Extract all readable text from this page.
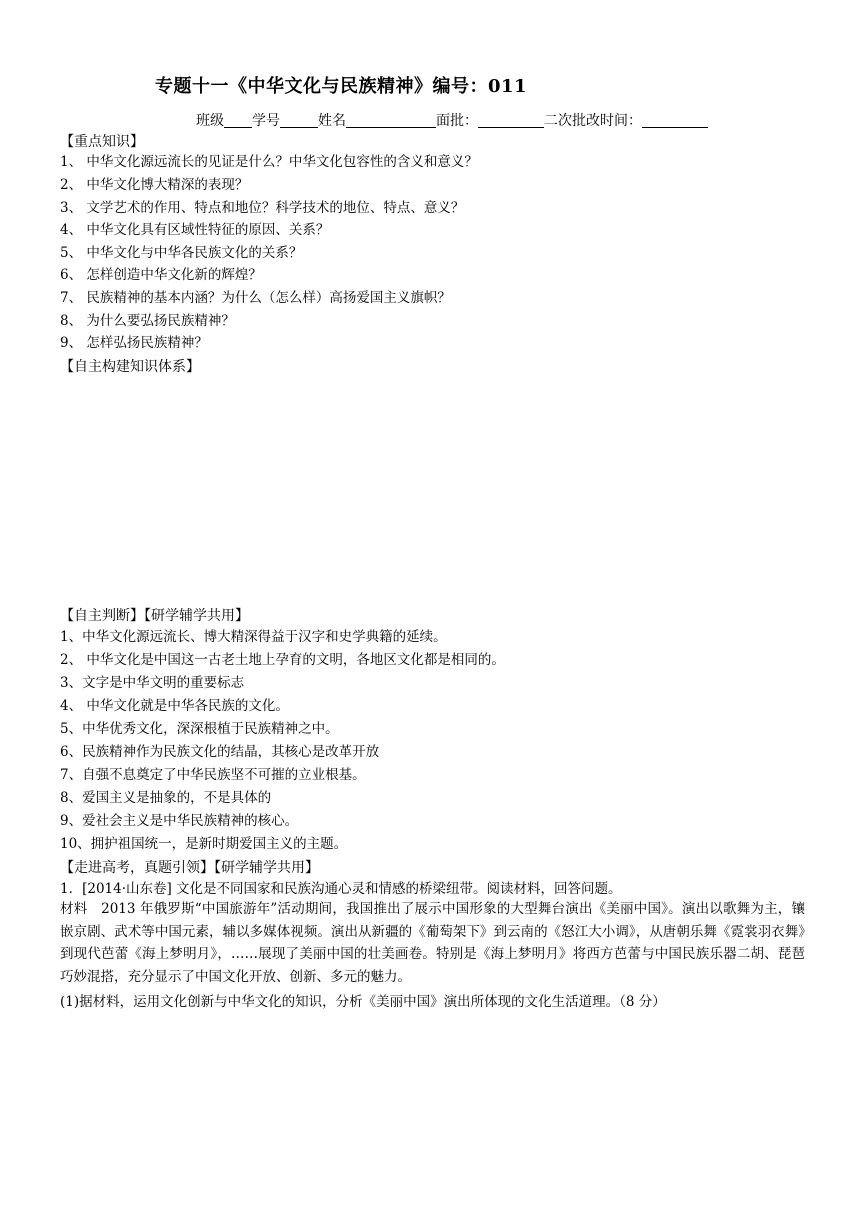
专题十一《中华文化与民族精神》编号：011
班级 学号	姓名	面批：	二次批改时间：
【重点知识】
1、 中华文化源远流长的见证是什么？中华文化包容性的含义和意义？
2、 中华文化博大精深的表现？
3、 文学艺术的作用、特点和地位？科学技术的地位、特点、意义？
4、 中华文化具有区域性特征的原因、关系？
5、 中华文化与中华各民族文化的关系？
6、 怎样创造中华文化新的辉煌？
7、 民族精神的基本内涵？为什么（怎么样）高扬爱国主义旗帜？
8、 为什么要弘扬民族精神？
9、 怎样弘扬民族精神？
【自主构建知识体系】
【自主判断】【研学辅学共用】
1、中华文化源远流长、博大精深得益于汉字和史学典籍的延续。
2、 中华文化是中国这一古老土地上孕育的文明，各地区文化都是相同的。
3、文字是中华文明的重要标志
4、 中华文化就是中华各民族的文化。
5、中华优秀文化，深深根植于民族精神之中。
6、民族精神作为民族文化的结晶，其核心是改革开放
7、自强不息奠定了中华民族坚不可摧的立业根基。
8、爱国主义是抽象的，不是具体的
9、爱社会主义是中华民族精神的核心。
10、拥护祖国统一，是新时期爱国主义的主题。
【走进高考，真题引领】【研学辅学共用】
1．[2014·山东卷] 文化是不同国家和民族沟通心灵和情感的桥梁纽带。阅读材料，回答问题。
材料　2013 年俄罗斯“中国旅游年”活动期间，我国推出了展示中国形象的大型舞台演出《美丽中国》。演出以歌舞为主，镶嵌京剧、武术等中国元素，辅以多媒体视频。演出从新疆的《葡萄架下》到云南的《怒江大小调》，从唐朝乐舞《霓裳羽衣舞》到现代芭蕾《海上梦明月》，……展现了美丽中国的壮美画卷。特别是《海上梦明月》将西方芭蕾与中国民族乐器二胡、琵琶巧妙混搭，充分显示了中国文化开放、创新、多元的魅力。
(1)据材料，运用文化创新与中华文化的知识，分析《美丽中国》演出所体现的文化生活道理。（8 分）
